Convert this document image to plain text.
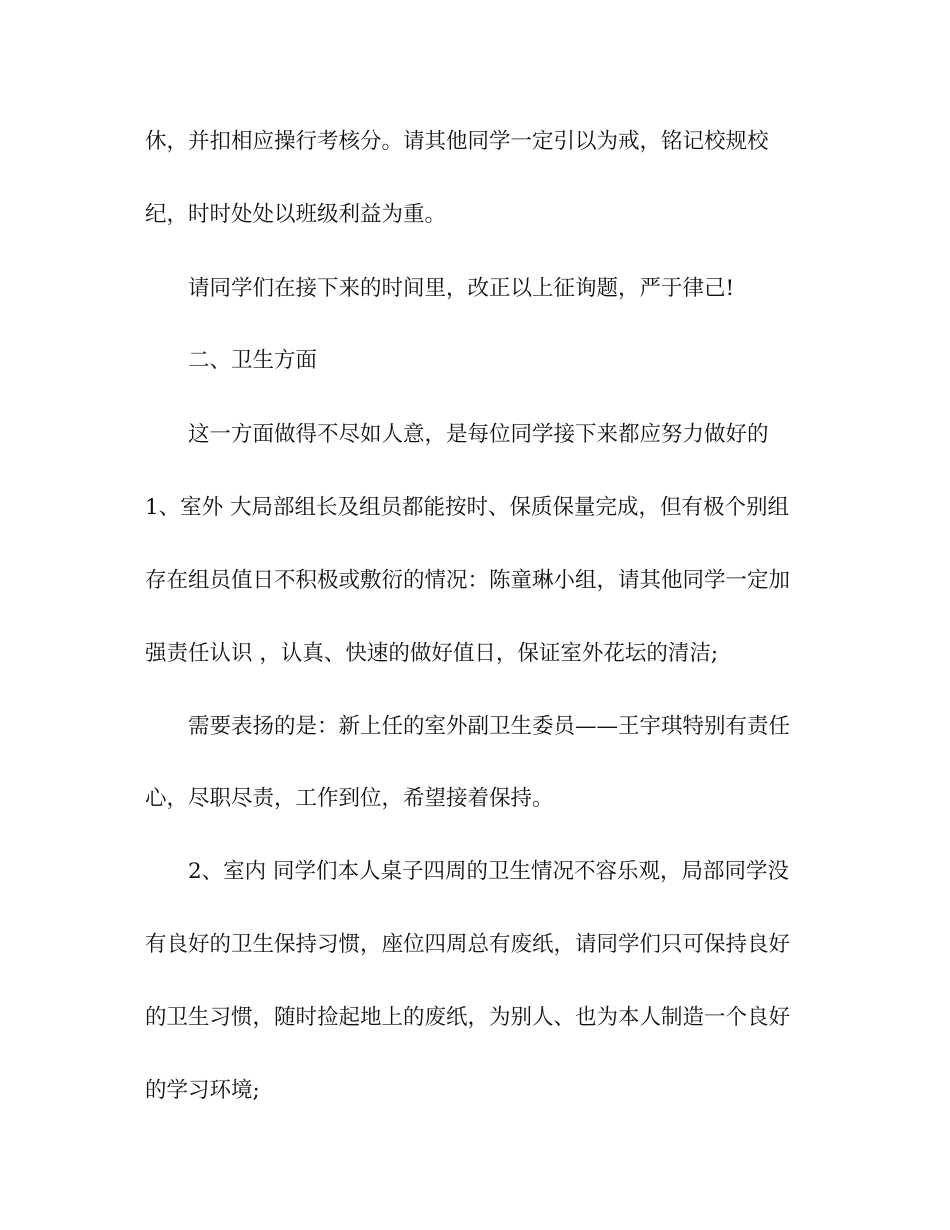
休，并扣相应操行考核分。请其他同学一定引以为戒，铭记校规校
纪，时时处处以班级利益为重。
请同学们在接下来的时间里，改正以上征询题，严于律己!
二、卫生方面
这一方面做得不尽如人意，是每位同学接下来都应努力做好的
1、室外 大局部组长及组员都能按时、保质保量完成，但有极个别组
存在组员值日不积极或敷衍的情况：陈童琳小组，请其他同学一定加
强责任认识 ，认真、快速的做好值日，保证室外花坛的清洁;
需要表扬的是：新上任的室外副卫生委员——王宇琪特别有责任
心，尽职尽责，工作到位，希望接着保持。
2、室内 同学们本人桌子四周的卫生情况不容乐观，局部同学没
有良好的卫生保持习惯，座位四周总有废纸，请同学们只可保持良好
的卫生习惯，随时捡起地上的废纸，为别人、也为本人制造一个良好
的学习环境;
